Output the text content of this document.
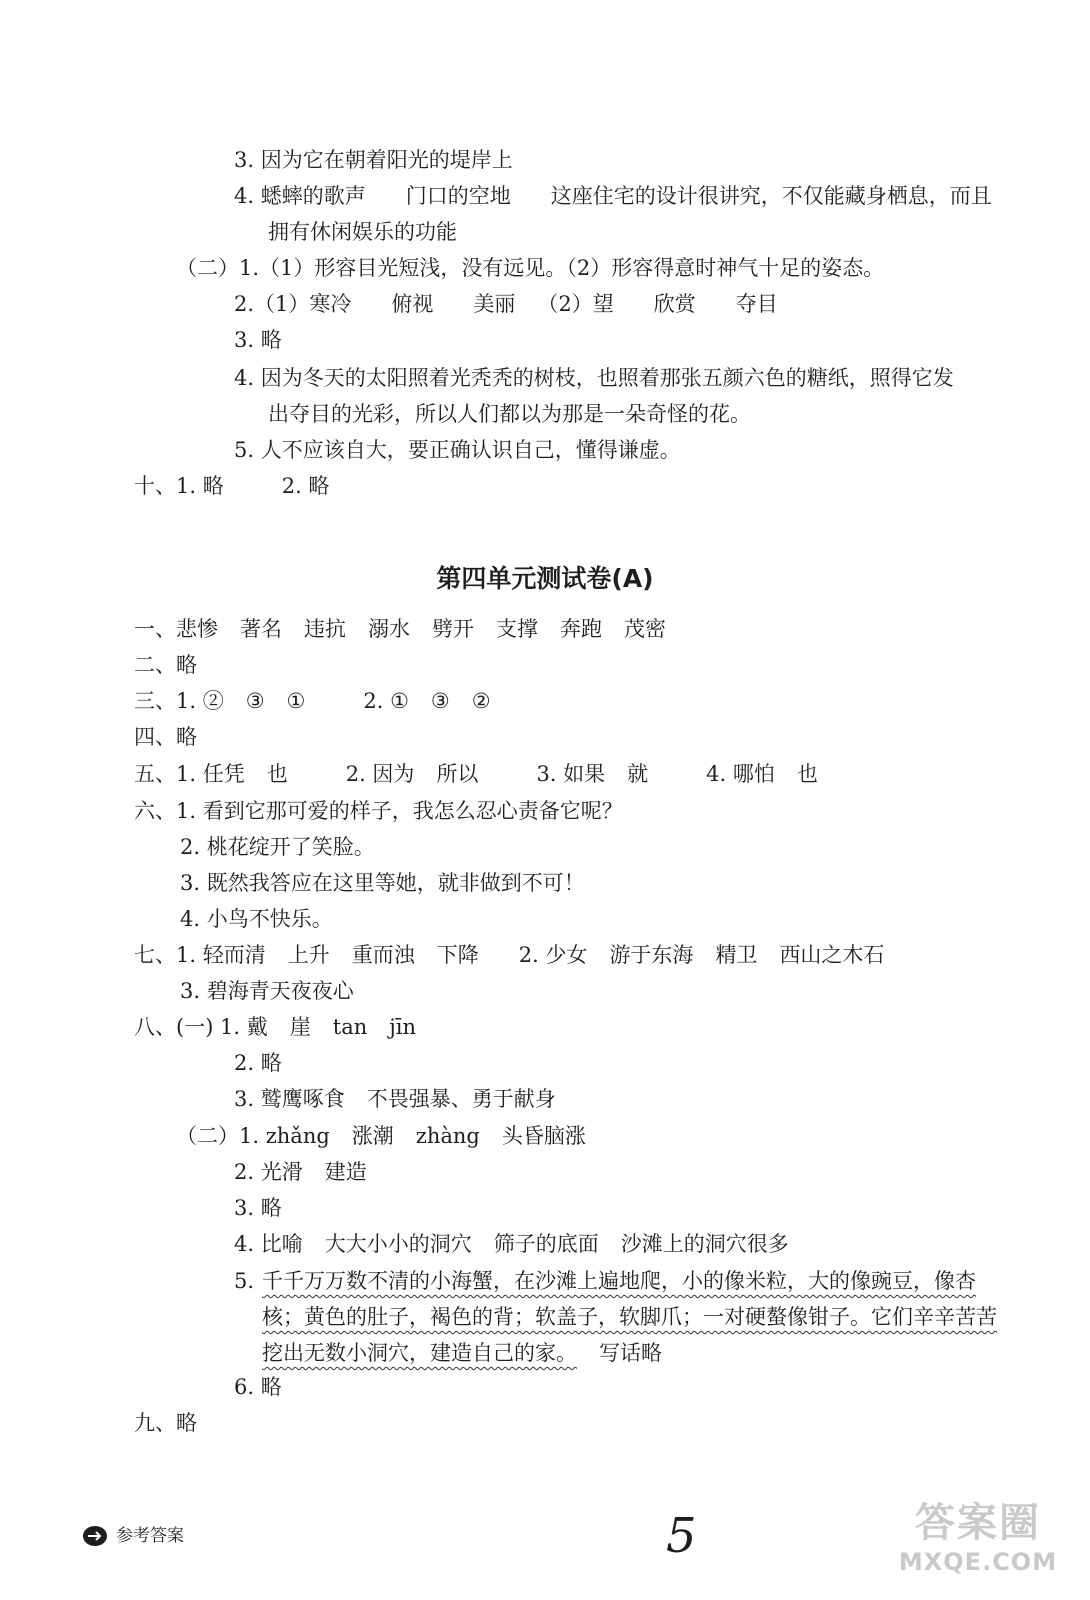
3. 因为它在朝着阳光的堤岸上
4. 蟋蟀的歌声 门口的空地 这座住宅的设计很讲究，不仅能藏身栖息，而且
拥有休闲娱乐的功能
（二）1.（1）形容目光短浅，没有远见。（2）形容得意时神气十足的姿态。
2.（1）寒冷 俯视 美丽 （2）望 欣赏 夺目
3. 略
4. 因为冬天的太阳照着光秃秃的树枝，也照着那张五颜六色的糖纸，照得它发
出夺目的光彩，所以人们都以为那是一朵奇怪的花。
5. 人不应该自大，要正确认识自己，懂得谦虚。
十、1. 略	2. 略
第四单元测试卷(A)
一、悲惨 著名 违抗 溺水 劈开 支撑 奔跑 茂密
二、略
三、1. ② ③ ①	2. ① ③ ②
四、略
五、1. 任凭 也	2. 因为 所以	3. 如果 就	4. 哪怕 也
六、1. 看到它那可爱的样子，我怎么忍心责备它呢？
2. 桃花绽开了笑脸。
3. 既然我答应在这里等她，就非做到不可！
4. 小鸟不快乐。
七、1. 轻而清 上升 重而浊 下降 2. 少女 游于东海 精卫 西山之木石
3. 碧海青天夜夜心
八、(一) 1. 戴 崖 tan jīn
2. 略
3. 鹫鹰啄食 不畏强暴、勇于献身
（二）1. zhǎng 涨潮 zhàng 头昏脑涨
2. 光滑 建造
3. 略
4. 比喻 大大小小的洞穴 筛子的底面 沙滩上的洞穴很多
5. 千千万万数不清的小海蟹，在沙滩上遍地爬，小的像米粒，大的像豌豆，像杏
核；黄色的肚子，褐色的背；软盖子，软脚爪；一对硬螯像钳子。它们辛辛苦苦
挖出无数小洞穴，建造自己的家。 写话略
6. 略
九、略
参考答案	5	答案圈
MXQE.COM
